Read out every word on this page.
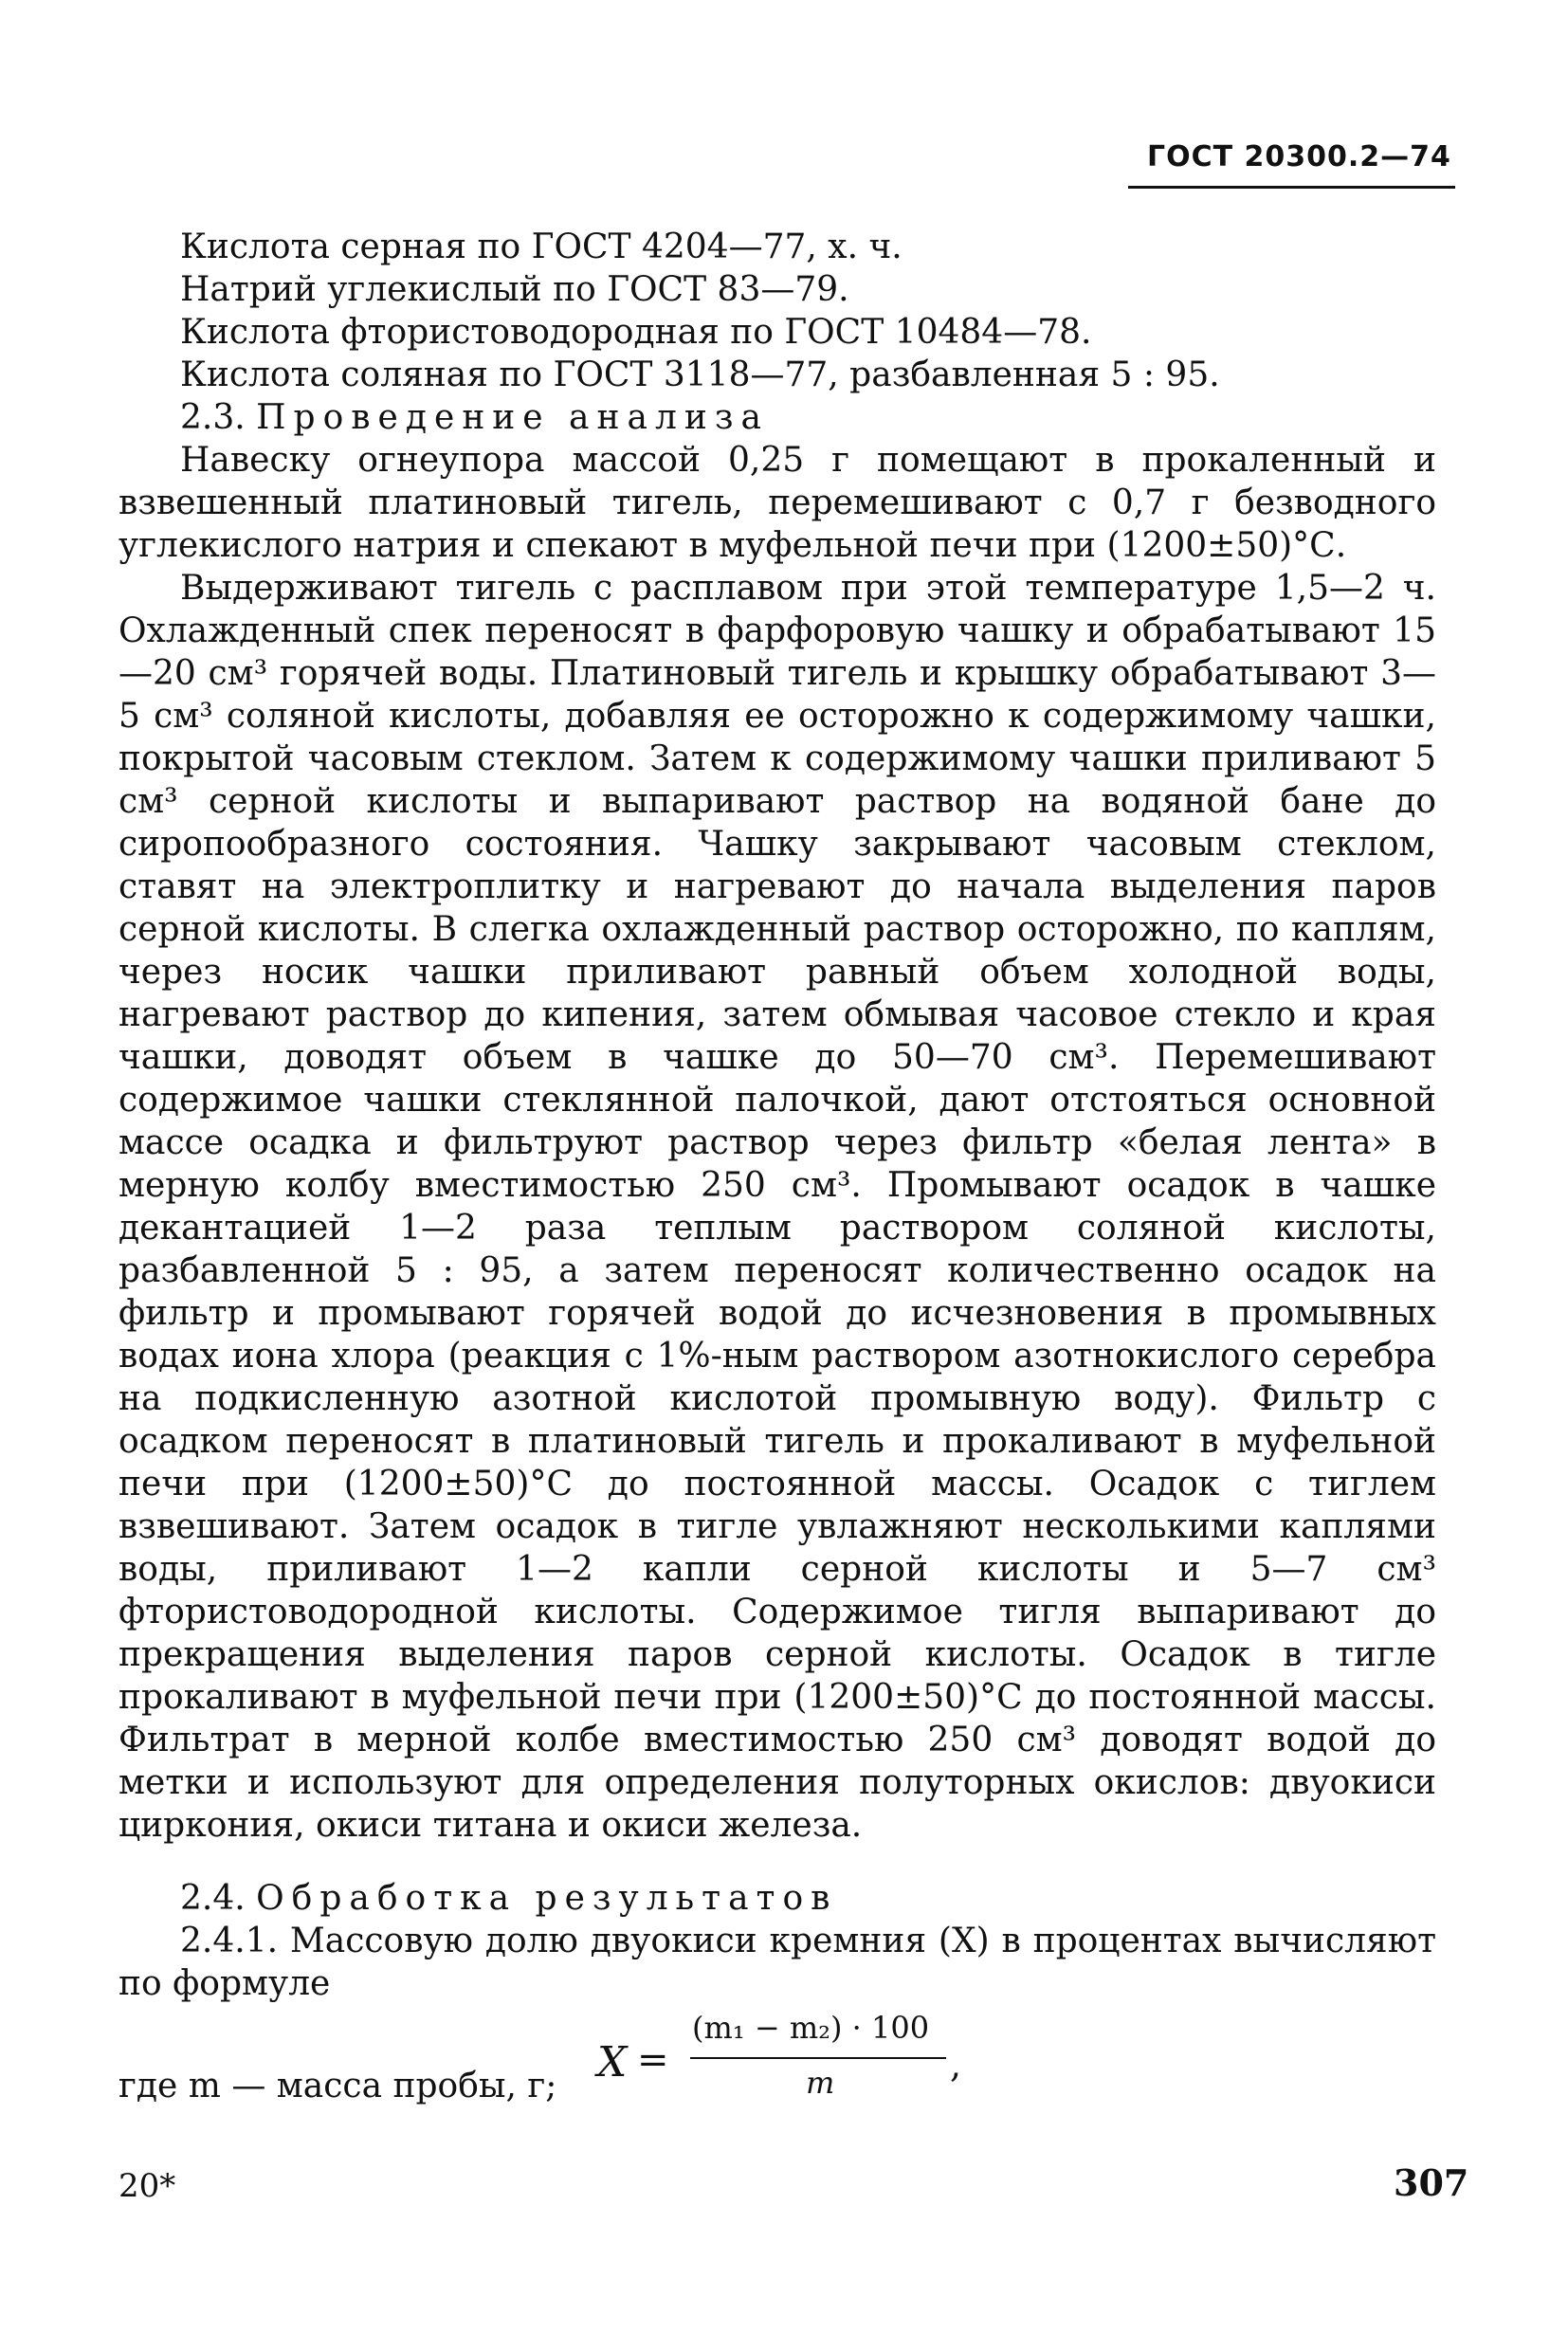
ГОСТ 20300.2—74
Кислота серная по ГОСТ 4204—77, х. ч.
Натрий углекислый по ГОСТ 83—79.
Кислота фтористоводородная по ГОСТ 10484—78.
Кислота соляная по ГОСТ 3118—77, разбавленная 5 : 95.
2.3. Проведение анализа
Навеску огнеупора массой 0,25 г помещают в прокаленный и взвешенный платиновый тигель, перемешивают с 0,7 г безводного углекислого натрия и спекают в муфельной печи при (1200±50)°С.
Выдерживают тигель с расплавом при этой температуре 1,5—2 ч. Охлажденный спек переносят в фарфоровую чашку и обрабатывают 15—20 см³ горячей воды. Платиновый тигель и крышку обрабатывают 3—5 см³ соляной кислоты, добавляя ее осторожно к содержимому чашки, покрытой часовым стеклом. Затем к содержимому чашки приливают 5 см³ серной кислоты и выпаривают раствор на водяной бане до сиропообразного состояния. Чашку закрывают часовым стеклом, ставят на электроплитку и нагревают до начала выделения паров серной кислоты. В слегка охлажденный раствор осторожно, по каплям, через носик чашки приливают равный объем холодной воды, нагревают раствор до кипения, затем обмывая часовое стекло и края чашки, доводят объем в чашке до 50—70 см³. Перемешивают содержимое чашки стеклянной палочкой, дают отстояться основной массе осадка и фильтруют раствор через фильтр «белая лента» в мерную колбу вместимостью 250 см³. Промывают осадок в чашке декантацией 1—2 раза теплым раствором соляной кислоты, разбавленной 5 : 95, а затем переносят количественно осадок на фильтр и промывают горячей водой до исчезновения в промывных водах иона хлора (реакция с 1%-ным раствором азотнокислого серебра на подкисленную азотной кислотой промывную воду). Фильтр с осадком переносят в платиновый тигель и прокаливают в муфельной печи при (1200±50)°С до постоянной массы. Осадок с тиглем взвешивают. Затем осадок в тигле увлажняют несколькими каплями воды, приливают 1—2 капли серной кислоты и 5—7 см³ фтористоводородной кислоты. Содержимое тигля выпаривают до прекращения выделения паров серной кислоты. Осадок в тигле прокаливают в муфельной печи при (1200±50)°С до постоянной массы. Фильтрат в мерной колбе вместимостью 250 см³ доводят водой до метки и используют для определения полуторных окислов: двуокиси циркония, окиси титана и окиси железа.
2.4. Обработка результатов
2.4.1. Массовую долю двуокиси кремния (X) в процентах вычисляют по формуле
X =
(m₁ − m₂) · 100
m	,
где m — масса пробы, г;
20*	307
